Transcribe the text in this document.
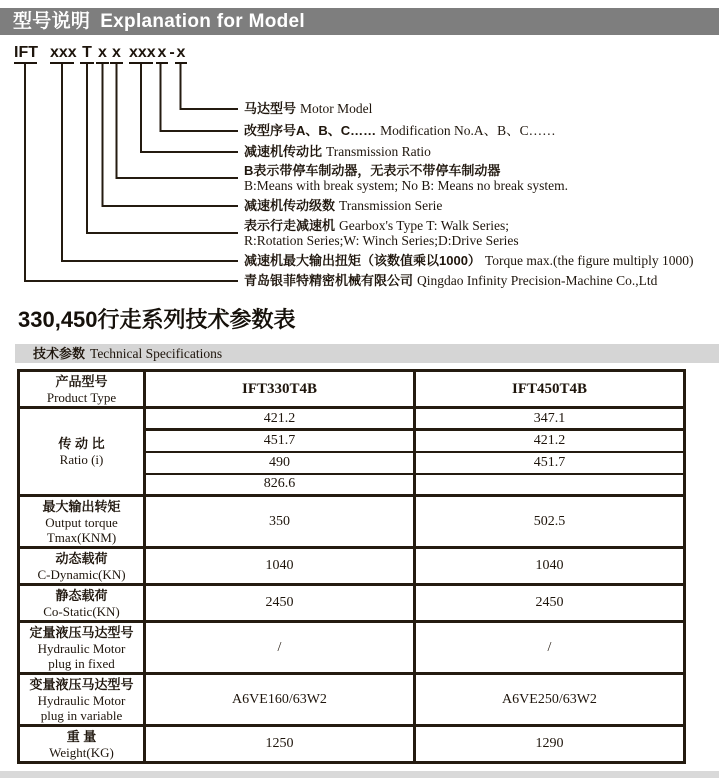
型号说明 Explanation for Model
IFT xxx T x x xxx x - x
马达型号 Motor Model
改型序号A、B、C…… Modification No.A、B、C……
减速机传动比 Transmission Ratio
B表示带停车制动器，无表示不带停车制动器
B:Means with break system; No B: Means no break system.
减速机传动级数 Transmission Serie
表示行走减速机 Gearbox's Type T: Walk Series;
R:Rotation Series;W: Winch Series;D:Drive Series
减速机最大输出扭矩（该数值乘以1000） Torque max.(the figure multiply 1000)
青岛银菲特精密机械有限公司 Qingdao Infinity Precision-Machine Co.,Ltd
330,450行走系列技术参数表
技术参数 Technical Specifications
产品型号
Product Type	IFT330T4B	IFT450T4B

传 动 比
Ratio (i)	421.2	347.1
	451.7	421.2
	490	451.7
	826.6	

最大输出转矩
Output torque
Tmax(KNM)	350	502.5

动态载荷
C-Dynamic(KN)	1040	1040

静态载荷
Co-Static(KN)	2450	2450

定量液压马达型号
Hydraulic Motor
plug in fixed	/	/

变量液压马达型号
Hydraulic Motor
plug in variable	A6VE160/63W2	A6VE250/63W2

重 量
Weight(KG)	1250	1290
